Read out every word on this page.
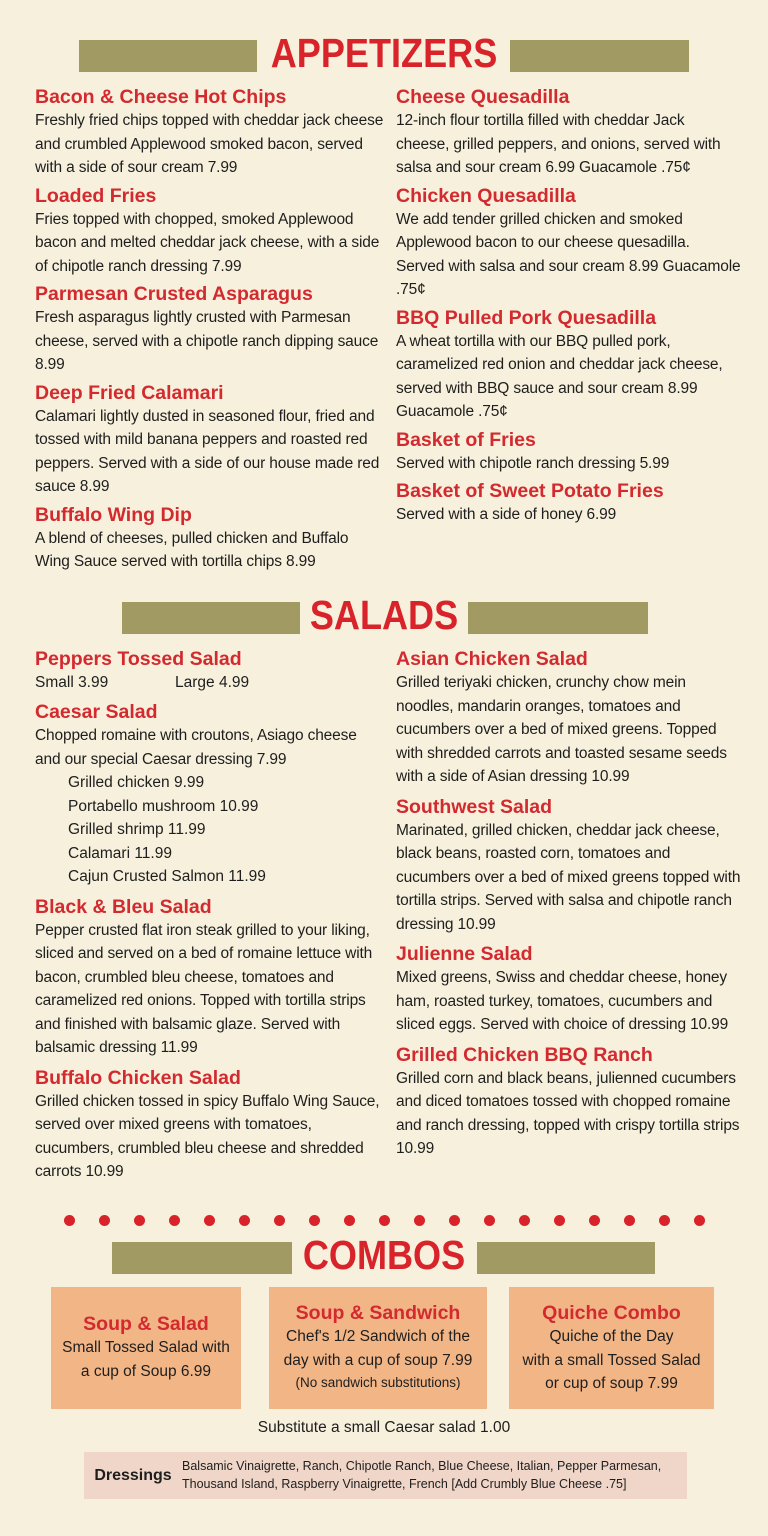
APPETIZERS
Bacon & Cheese Hot Chips
Freshly fried chips topped with cheddar jack cheese and crumbled Applewood smoked bacon, served with a side of sour cream 7.99
Loaded Fries
Fries topped with chopped, smoked Applewood bacon and melted cheddar jack cheese, with a side of chipotle ranch dressing 7.99
Parmesan Crusted Asparagus
Fresh asparagus lightly crusted with Parmesan cheese, served with a chipotle ranch dipping sauce 8.99
Deep Fried Calamari
Calamari lightly dusted in seasoned flour, fried and tossed with mild banana peppers and roasted red peppers. Served with a side of our house made red sauce 8.99
Buffalo Wing Dip
A blend of cheeses, pulled chicken and Buffalo Wing Sauce served with tortilla chips 8.99
Cheese Quesadilla
12-inch flour tortilla filled with cheddar Jack cheese, grilled peppers, and onions, served with salsa and sour cream 6.99 Guacamole .75¢
Chicken Quesadilla
We add tender grilled chicken and smoked Applewood bacon to our cheese quesadilla. Served with salsa and sour cream 8.99 Guacamole .75¢
BBQ Pulled Pork Quesadilla
A wheat tortilla with our BBQ pulled pork, caramelized red onion and cheddar jack cheese, served with BBQ sauce and sour cream 8.99 Guacamole .75¢
Basket of Fries
Served with chipotle ranch dressing 5.99
Basket of Sweet Potato Fries
Served with a side of honey 6.99
SALADS
Peppers Tossed Salad
Small 3.99	Large 4.99
Caesar Salad
Chopped romaine with croutons, Asiago cheese and our special Caesar dressing 7.99
Grilled chicken 9.99
Portabello mushroom 10.99
Grilled shrimp 11.99
Calamari 11.99
Cajun Crusted Salmon 11.99
Black & Bleu Salad
Pepper crusted flat iron steak grilled to your liking, sliced and served on a bed of romaine lettuce with bacon, crumbled bleu cheese, tomatoes and caramelized red onions. Topped with tortilla strips and finished with balsamic glaze. Served with balsamic dressing 11.99
Buffalo Chicken Salad
Grilled chicken tossed in spicy Buffalo Wing Sauce, served over mixed greens with tomatoes, cucumbers, crumbled bleu cheese and shredded carrots 10.99
Asian Chicken Salad
Grilled teriyaki chicken, crunchy chow mein noodles, mandarin oranges, tomatoes and cucumbers over a bed of mixed greens. Topped with shredded carrots and toasted sesame seeds with a side of Asian dressing 10.99
Southwest Salad
Marinated, grilled chicken, cheddar jack cheese, black beans, roasted corn, tomatoes and cucumbers over a bed of mixed greens topped with tortilla strips. Served with salsa and chipotle ranch dressing 10.99
Julienne Salad
Mixed greens, Swiss and cheddar cheese, honey ham, roasted turkey, tomatoes, cucumbers and sliced eggs. Served with choice of dressing 10.99
Grilled Chicken BBQ Ranch
Grilled corn and black beans, julienned cucumbers and diced tomatoes tossed with chopped romaine and ranch dressing, topped with crispy tortilla strips 10.99
COMBOS
Soup & Salad
Small Tossed Salad with
a cup of Soup 6.99
Soup & Sandwich
Chef's 1/2 Sandwich of the
day with a cup of soup 7.99
(No sandwich substitutions)
Quiche Combo
Quiche of the Day
with a small Tossed Salad
or cup of soup 7.99
Substitute a small Caesar salad 1.00
Dressings
Balsamic Vinaigrette, Ranch, Chipotle Ranch, Blue Cheese, Italian, Pepper Parmesan,
Thousand Island, Raspberry Vinaigrette, French [Add Crumbly Blue Cheese .75]
